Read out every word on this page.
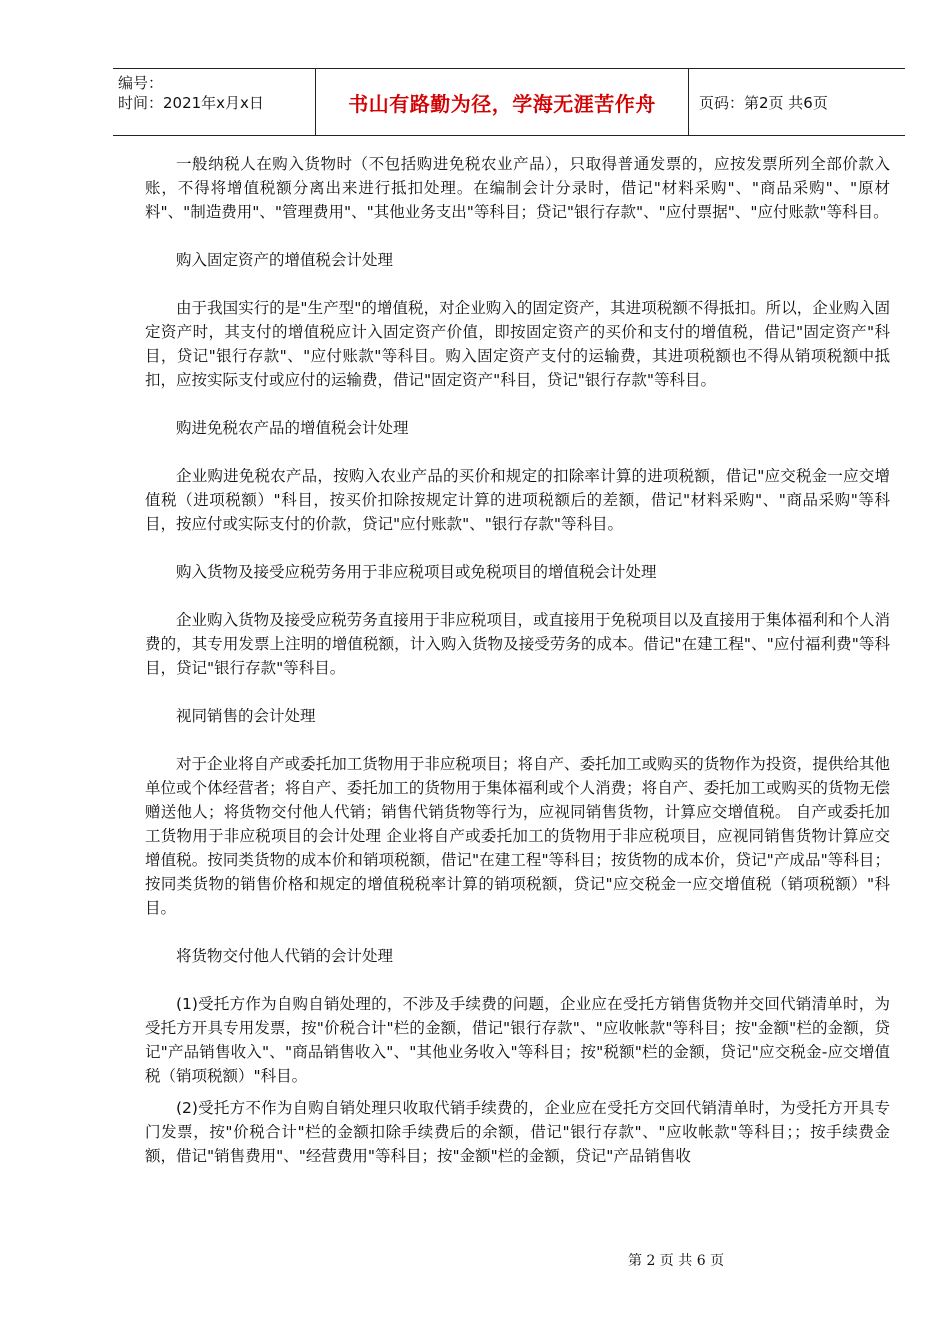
编号：
时间：2021年x月x日	书山有路勤为径，学海无涯苦作舟	页码：第2页 共6页

一般纳税人在购入货物时（不包括购进免税农业产品），只取得普通发票的，应按发票所列全部价款入账，不得将增值税额分离出来进行抵扣处理。在编制会计分录时，借记"材料采购"、"商品采购"、"原材料"、"制造费用"、"管理费用"、"其他业务支出"等科目；贷记"银行存款"、"应付票据"、"应付账款"等科目。

购入固定资产的增值税会计处理

由于我国实行的是"生产型"的增值税，对企业购入的固定资产，其进项税额不得抵扣。所以，企业购入固定资产时，其支付的增值税应计入固定资产价值，即按固定资产的买价和支付的增值税，借记"固定资产"科目，贷记"银行存款"、"应付账款"等科目。购入固定资产支付的运输费，其进项税额也不得从销项税额中抵扣，应按实际支付或应付的运输费，借记"固定资产"科目，贷记"银行存款"等科目。

购进免税农产品的增值税会计处理

企业购进免税农产品，按购入农业产品的买价和规定的扣除率计算的进项税额，借记"应交税金一应交增值税（进项税额）"科目，按买价扣除按规定计算的进项税额后的差额，借记"材料采购"、"商品采购"等科目，按应付或实际支付的价款，贷记"应付账款"、"银行存款"等科目。

购入货物及接受应税劳务用于非应税项目或免税项目的增值税会计处理

企业购入货物及接受应税劳务直接用于非应税项目，或直接用于免税项目以及直接用于集体福利和个人消费的，其专用发票上注明的增值税额，计入购入货物及接受劳务的成本。借记"在建工程"、"应付福利费"等科目，贷记"银行存款"等科目。

视同销售的会计处理

对于企业将自产或委托加工货物用于非应税项目；将自产、委托加工或购买的货物作为投资，提供给其他单位或个体经营者；将自产、委托加工的货物用于集体福利或个人消费；将自产、委托加工或购买的货物无偿赠送他人；将货物交付他人代销；销售代销货物等行为，应视同销售货物，计算应交增值税。 自产或委托加工货物用于非应税项目的会计处理 企业将自产或委托加工的货物用于非应税项目，应视同销售货物计算应交增值税。按同类货物的成本价和销项税额，借记"在建工程"等科目；按货物的成本价，贷记"产成品"等科目；按同类货物的销售价格和规定的增值税税率计算的销项税额，贷记"应交税金一应交增值税（销项税额）"科目。

将货物交付他人代销的会计处理

(1)受托方作为自购自销处理的，不涉及手续费的问题，企业应在受托方销售货物并交回代销清单时，为受托方开具专用发票，按"价税合计"栏的金额，借记"银行存款"、"应收帐款"等科目；按"金额"栏的金额，贷记"产品销售收入"、"商品销售收入"、"其他业务收入"等科目；按"税额"栏的金额，贷记"应交税金-应交增值税（销项税额）"科目。

(2)受托方不作为自购自销处理只收取代销手续费的，企业应在受托方交回代销清单时，为受托方开具专门发票，按"价税合计"栏的金额扣除手续费后的余额，借记"银行存款"、"应收帐款"等科目；；按手续费金额，借记"销售费用"、"经营费用"等科目；按"金额"栏的金额，贷记"产品销售收

第 2 页 共 6 页
